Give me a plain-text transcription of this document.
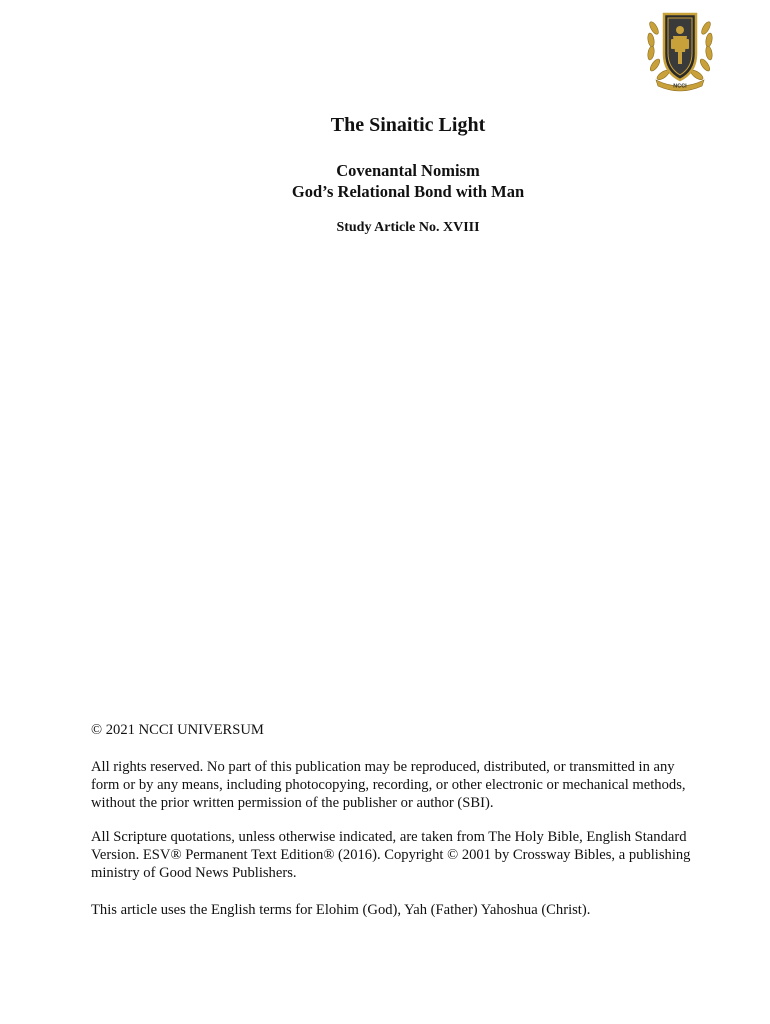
NCCI
The Sinaitic Light
Covenantal Nomism
God’s Relational Bond with Man
Study Article No. XVIII
© 2021 NCCI UNIVERSUM
All rights reserved. No part of this publication may be reproduced, distributed, or transmitted in any form or by any means, including photocopying, recording, or other electronic or mechanical methods, without the prior written permission of the publisher or author (SBI).
All Scripture quotations, unless otherwise indicated, are taken from The Holy Bible, English Standard Version. ESV® Permanent Text Edition® (2016). Copyright © 2001 by Crossway Bibles, a publishing ministry of Good News Publishers.
This article uses the English terms for Elohim (God), Yah (Father) Yahoshua (Christ).
